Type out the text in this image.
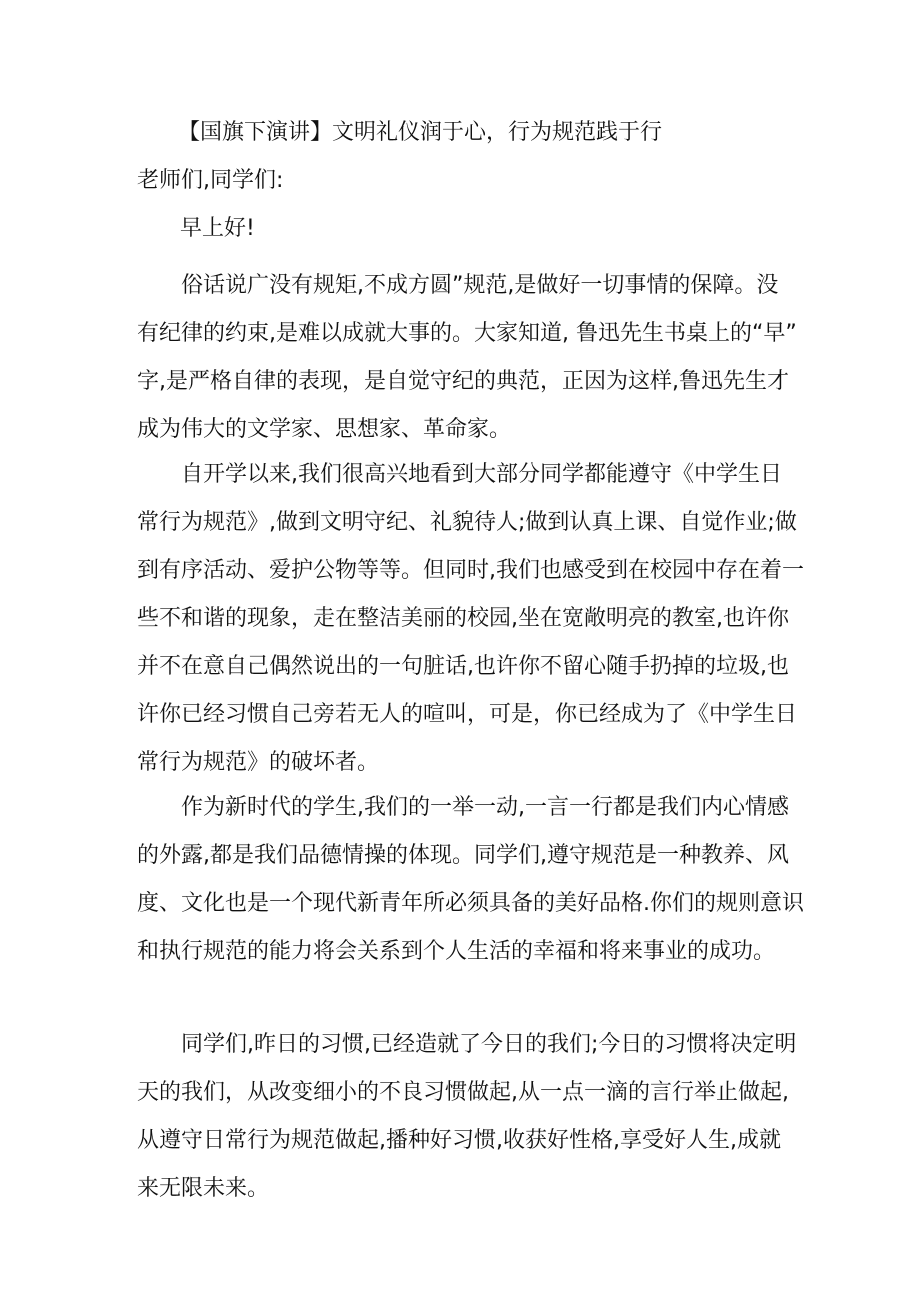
【国旗下演讲】文明礼仪润于心，行为规范践于行

老师们,同学们:

早上好!

俗话说广没有规矩,不成方圆”规范,是做好一切事情的保障。没
有纪律的约束,是难以成就大事的。大家知道, 鲁迅先生书桌上的“早”
字,是严格自律的表现，是自觉守纪的典范，正因为这样,鲁迅先生才
成为伟大的文学家、思想家、革命家。
自开学以来,我们很高兴地看到大部分同学都能遵守《中学生日
常行为规范》,做到文明守纪、礼貌待人;做到认真上课、自觉作业;做
到有序活动、爱护公物等等。但同时,我们也感受到在校园中存在着一
些不和谐的现象，走在整洁美丽的校园,坐在宽敞明亮的教室,也许你
并不在意自己偶然说出的一句脏话,也许你不留心随手扔掉的垃圾,也
许你已经习惯自己旁若无人的喧叫，可是，你已经成为了《中学生日
常行为规范》的破坏者。
作为新时代的学生,我们的一举一动,一言一行都是我们内心情感
的外露,都是我们品德情操的体现。同学们,遵守规范是一种教养、风
度、文化也是一个现代新青年所必须具备的美好品格.你们的规则意识
和执行规范的能力将会关系到个人生活的幸福和将来事业的成功。
同学们,昨日的习惯,已经造就了今日的我们;今日的习惯将决定明
天的我们，从改变细小的不良习惯做起,从一点一滴的言行举止做起,
从遵守日常行为规范做起,播种好习惯,收获好性格,享受好人生,成就
来无限未来。
